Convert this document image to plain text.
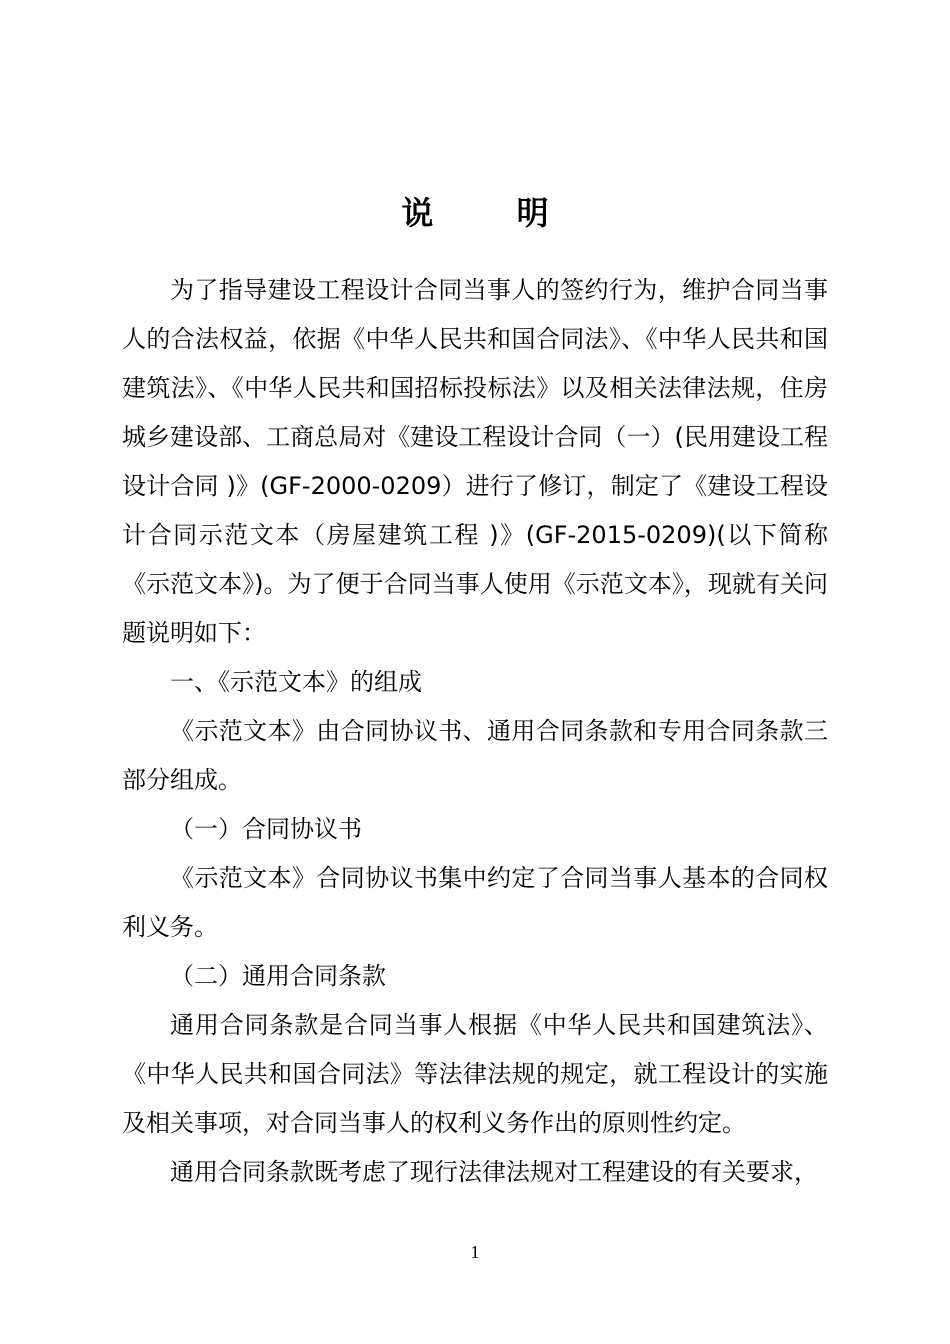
说 明

为了指导建设工程设计合同当事人的签约行为，维护合同当事人的合法权益，依据《中华人民共和国合同法》、《中华人民共和国建筑法》、《中华人民共和国招标投标法》以及相关法律法规，住房城乡建设部、工商总局对《建设工程设计合同（一）(民用建设工程设计合同 )》(GF-2000-0209）进行了修订，制定了《建设工程设计合同示范文本（房屋建筑工程 )》(GF-2015-0209)(以下简称《示范文本》)。为了便于合同当事人使用《示范文本》，现就有关问题说明如下：

一、《示范文本》的组成

《示范文本》由合同协议书、通用合同条款和专用合同条款三部分组成。

（一）合同协议书

《示范文本》合同协议书集中约定了合同当事人基本的合同权利义务。

（二）通用合同条款

通用合同条款是合同当事人根据《中华人民共和国建筑法》、《中华人民共和国合同法》等法律法规的规定，就工程设计的实施及相关事项，对合同当事人的权利义务作出的原则性约定。

通用合同条款既考虑了现行法律法规对工程建设的有关要求，

1
